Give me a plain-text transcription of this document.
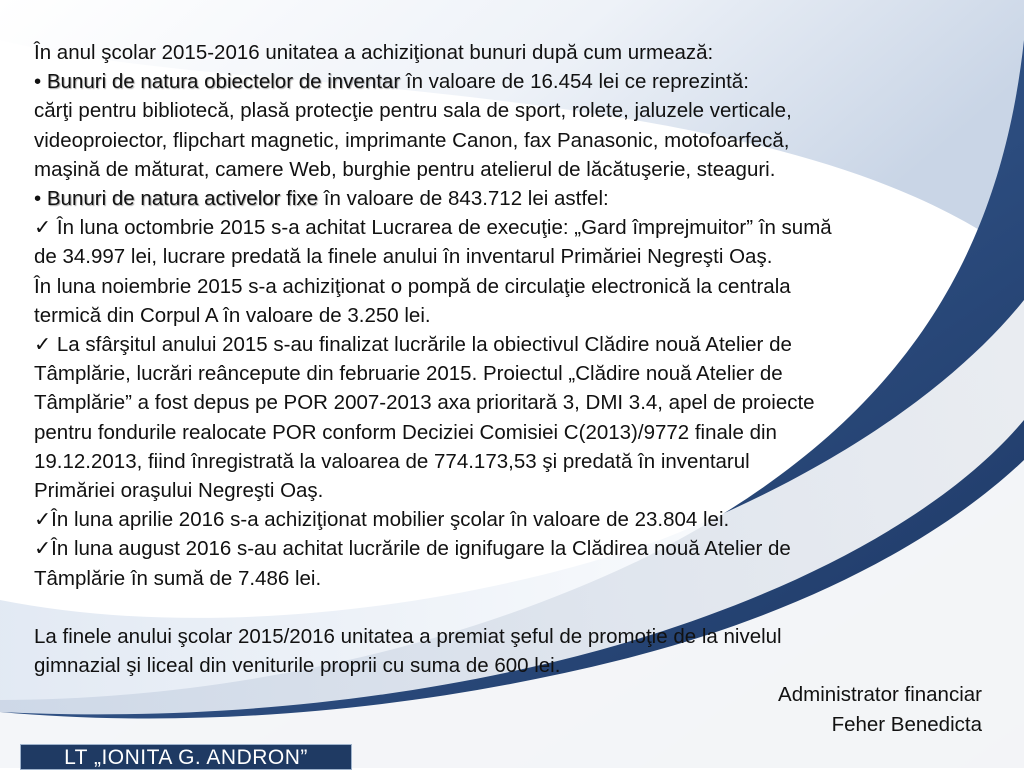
În anul şcolar 2015-2016 unitatea a achiziţionat bunuri după cum urmează:
• Bunuri de natura obiectelor de inventar în valoare de 16.454 lei ce reprezintă:
cărţi pentru bibliotecă, plasă protecţie pentru sala de sport, rolete, jaluzele verticale,
videoproiector, flipchart magnetic, imprimante Canon, fax Panasonic, motofoarfecă,
maşină de măturat, camere Web, burghie pentru atelierul de lăcătuşerie, steaguri.
• Bunuri de natura activelor fixe în valoare de 843.712 lei astfel:
✓ În luna octombrie 2015 s-a achitat Lucrarea de execuţie: „Gard împrejmuitor” în sumă
de 34.997 lei, lucrare predată la finele anului în inventarul Primăriei Negreşti Oaş.
În luna noiembrie 2015 s-a achiziţionat o pompă de circulaţie electronică la centrala
termică din Corpul A în valoare de 3.250 lei.
✓ La sfârşitul anului 2015 s-au finalizat lucrările la obiectivul Clădire nouă Atelier de
Tâmplărie, lucrări reâncepute din februarie 2015. Proiectul „Clădire nouă Atelier de
Tâmplărie” a fost depus pe POR 2007-2013 axa prioritară 3, DMI 3.4, apel de proiecte
pentru fondurile realocate POR conform Deciziei Comisiei C(2013)/9772 finale din
19.12.2013, fiind înregistrată la valoarea de 774.173,53 şi predată în inventarul
Primăriei oraşului Negreşti Oaş.
✓În luna aprilie 2016 s-a achiziţionat mobilier şcolar în valoare de 23.804 lei.
✓În luna august 2016 s-au achitat lucrările de ignifugare la Clădirea nouă Atelier de
Tâmplărie în sumă de 7.486 lei.
La finele anului şcolar 2015/2016 unitatea a premiat şeful de promoţie de la nivelul
gimnazial şi liceal din veniturile proprii cu suma de 600 lei.
Administrator financiar
Feher Benedicta
LT „IONITA G. ANDRON”
